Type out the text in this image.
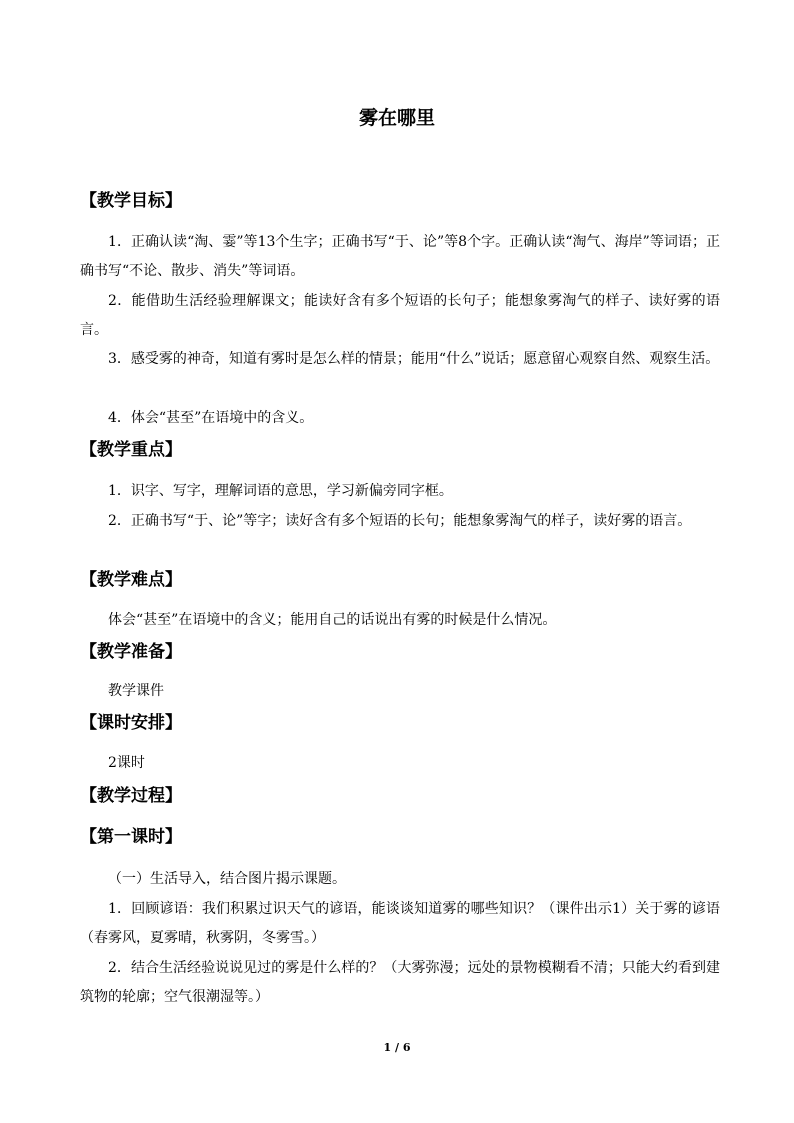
雾在哪里
【教学目标】
1．正确认读“淘、霎”等13个生字；正确书写“于、论”等8个字。正确认读“淘气、海岸”等词语；正确书写“不论、散步、消失”等词语。
2．能借助生活经验理解课文；能读好含有多个短语的长句子；能想象雾淘气的样子、读好雾的语言。
3．感受雾的神奇，知道有雾时是怎么样的情景；能用“什么”说话；愿意留心观察自然、观察生活。
4．体会“甚至”在语境中的含义。
【教学重点】
1．识字、写字，理解词语的意思，学习新偏旁同字框。
2．正确书写“于、论”等字；读好含有多个短语的长句；能想象雾淘气的样子，读好雾的语言。
【教学难点】
体会“甚至”在语境中的含义；能用自己的话说出有雾的时候是什么情况。
【教学准备】
教学课件
【课时安排】
2课时
【教学过程】
【第一课时】
（一）生活导入，结合图片揭示课题。
1．回顾谚语：我们积累过识天气的谚语，能谈谈知道雾的哪些知识？（课件出示1）关于雾的谚语（春雾风，夏雾晴，秋雾阴，冬雾雪。）
2．结合生活经验说说见过的雾是什么样的？（大雾弥漫；远处的景物模糊看不清；只能大约看到建筑物的轮廓；空气很潮湿等。）
1 / 6
